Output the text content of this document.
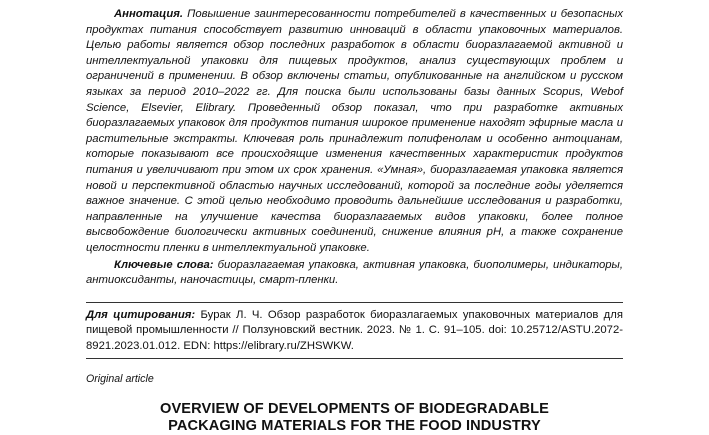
Аннотация. Повышение заинтересованности потребителей в качественных и безопасных продуктах питания способствует развитию инноваций в области упаковочных материалов. Целью работы является обзор последних разработок в области биоразлагаемой активной и интеллектуальной упаковки для пищевых продуктов, анализ существующих проблем и ограничений в применении. В обзор включены статьи, опубликованные на английском и русском языках за период 2010–2022 гг. Для поиска были использованы базы данных Scopus, Webof Science, Elsevier, Elibrary. Проведенный обзор показал, что при разработке активных биоразлагаемых упаковок для продуктов питания широкое применение находят эфирные масла и растительные экстракты. Ключевая роль принадлежит полифенолам и особенно антоцианам, которые показывают все происходящие изменения качественных характеристик продуктов питания и увеличивают при этом их срок хранения. «Умная», биоразлагаемая упаковка является новой и перспективной областью научных исследований, которой за последние годы уделяется важное значение. С этой целью необходимо проводить дальнейшие исследования и разработки, направленные на улучшение качества биоразлагаемых видов упаковки, более полное высвобождение биологически активных соединений, снижение влияния pH, а также сохранение целостности пленки в интеллектуальной упаковке.

Ключевые слова: биоразлагаемая упаковка, активная упаковка, биополимеры, индикаторы, антиоксиданты, наночастицы, смарт-пленки.

Для цитирования: Бурак Л. Ч. Обзор разработок биоразлагаемых упаковочных материалов для пищевой промышленности // Ползуновский вестник. 2023. № 1. С. 91–105. doi: 10.25712/ASTU.2072-8921.2023.01.012. EDN: https://elibrary.ru/ZHSWKW.

Original article
OVERVIEW OF DEVELOPMENTS OF BIODEGRADABLE
PACKAGING MATERIALS FOR THE FOOD INDUSTRY
